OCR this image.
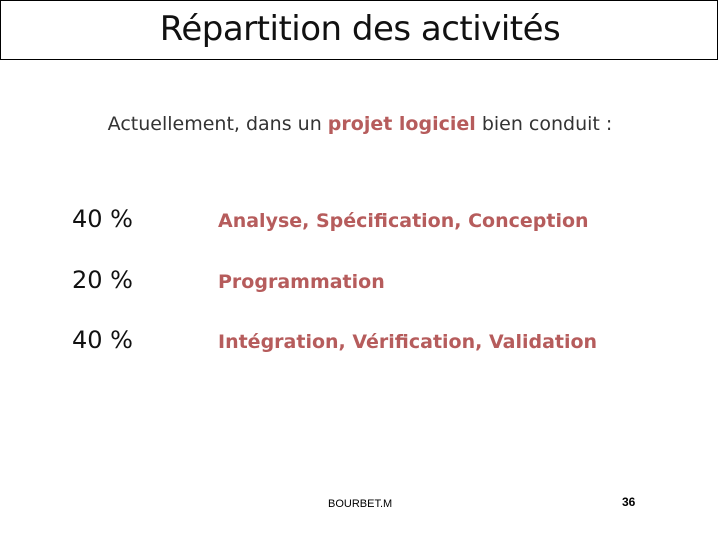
Répartition des activités
Actuellement, dans un projet logiciel bien conduit :
40 %	Analyse, Spécification, Conception
20 %	Programmation
40 %	Intégration, Vérification, Validation
BOURBET.M	36
